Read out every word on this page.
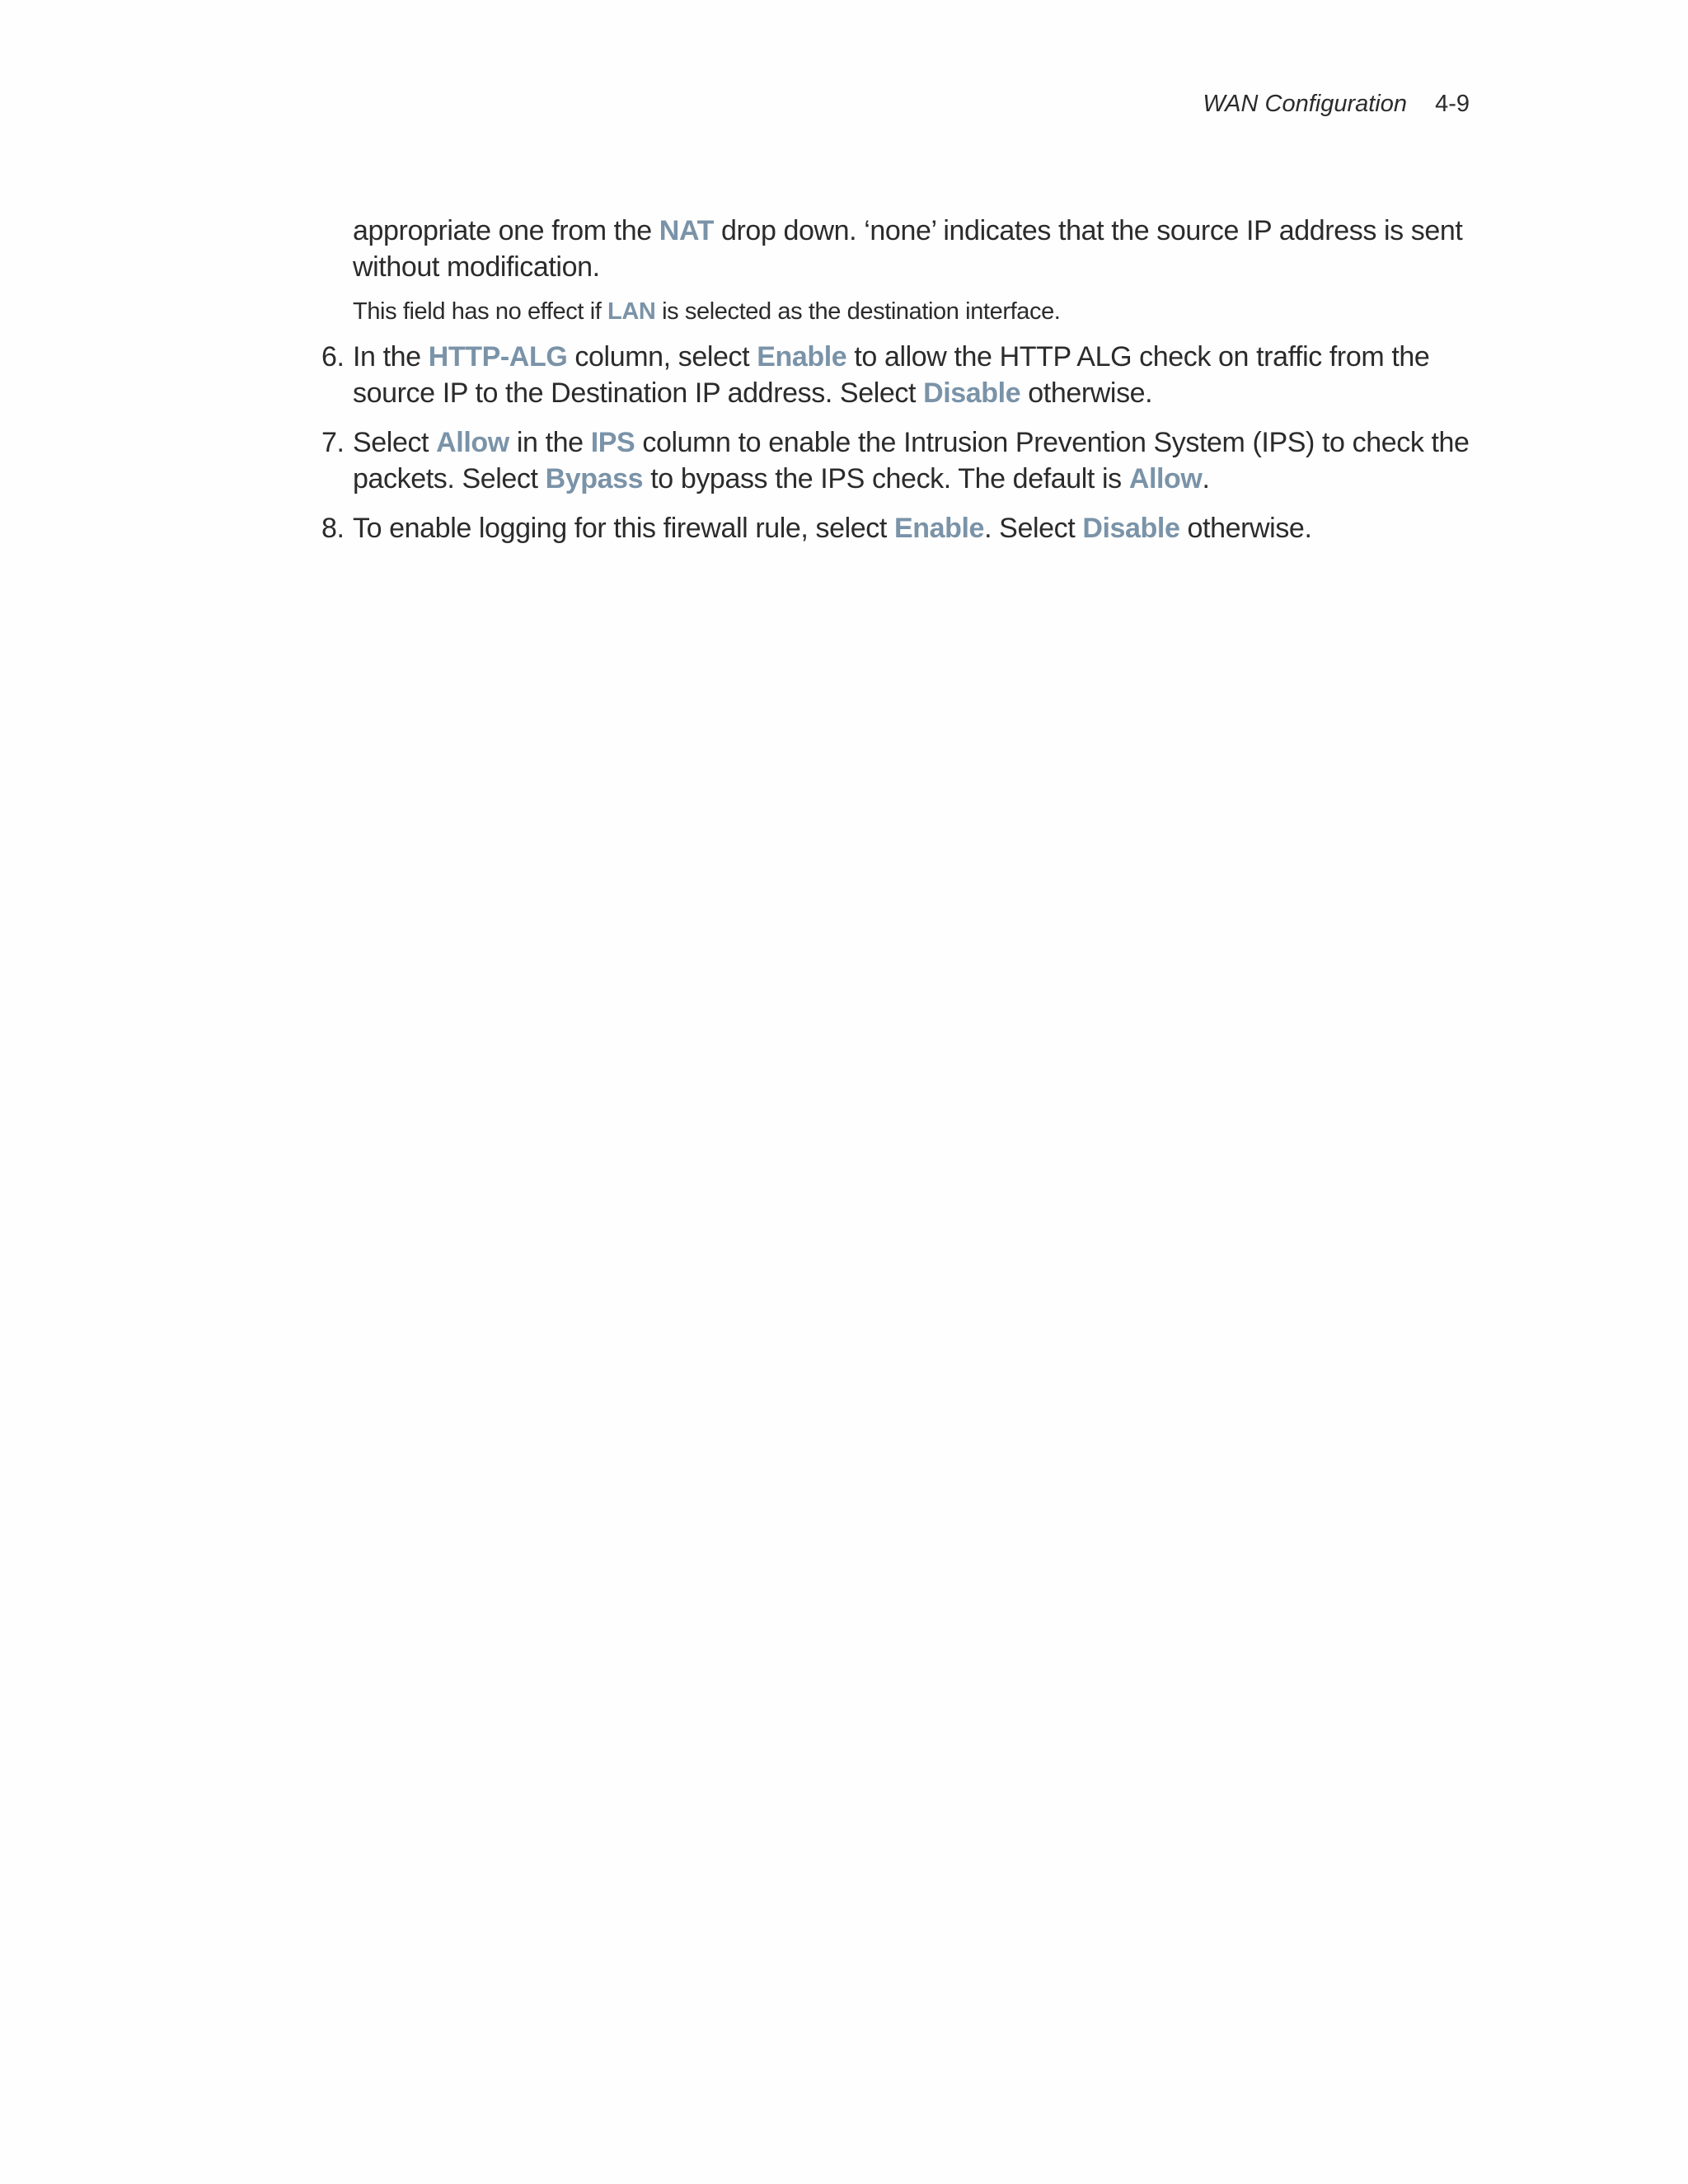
WAN Configuration 4-9

appropriate one from the NAT drop down. ‘none’ indicates that the source IP address is sent without modification.

This field has no effect if LAN is selected as the destination interface.

6. In the HTTP-ALG column, select Enable to allow the HTTP ALG check on traffic from the source IP to the Destination IP address. Select Disable otherwise.
7. Select Allow in the IPS column to enable the Intrusion Prevention System (IPS) to check the packets. Select Bypass to bypass the IPS check. The default is Allow.
8. To enable logging for this firewall rule, select Enable. Select Disable otherwise.
